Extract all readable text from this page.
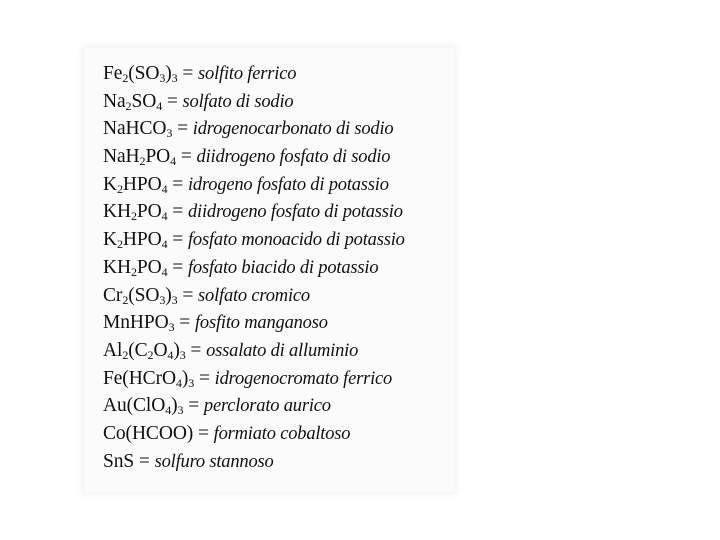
$Fe_2(SO_3)_3$ = solfito ferrico
$Na_2SO_4$ = solfato di sodio
NaHCO$_3$ = idrogenocarbonato di sodio
$NaH_2PO_4$ = diidrogeno fosfato di sodio
$K_2HPO_4$ = idrogeno fosfato di potassio
$KH_2PO_4$ = diidrogeno fosfato di potassio
$K_2HPO_4$ = fosfato monoacido di potassio
$KH_2PO_4$ = fosfato biacido di potassio
$Cr_2(SO_3)_3$ = solfato cromico
MnHPO$_3$ = fosfito manganoso
$Al_2(C_2O_4)_3$ = ossalato di alluminio
$Fe(HCrO_4)_3$ = idrogenocromato ferrico
$Au(ClO_4)_3$ = perclorato aurico
Co(HCOO) = formiato cobaltoso
SnS = solfuro stannoso
